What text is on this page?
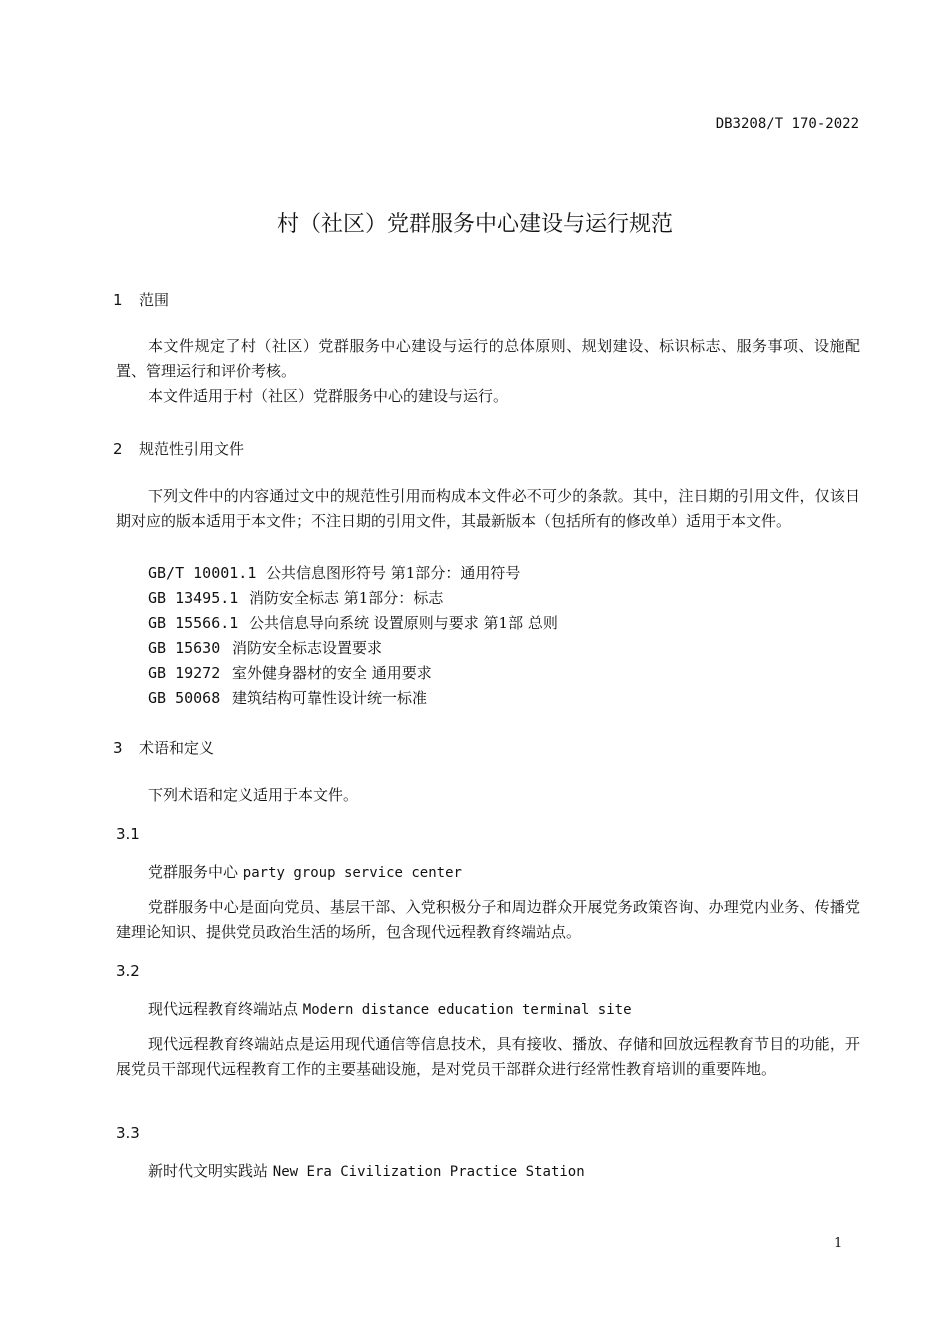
DB3208/T 170-2022
村（社区）党群服务中心建设与运行规范
1 范围
本文件规定了村（社区）党群服务中心建设与运行的总体原则、规划建设、标识标志、服务事项、设施配置、管理运行和评价考核。
本文件适用于村（社区）党群服务中心的建设与运行。
2 规范性引用文件
下列文件中的内容通过文中的规范性引用而构成本文件必不可少的条款。其中，注日期的引用文件，仅该日期对应的版本适用于本文件；不注日期的引用文件，其最新版本（包括所有的修改单）适用于本文件。
GB/T 10001.1 公共信息图形符号 第1部分：通用符号
GB 13495.1 消防安全标志 第1部分：标志
GB 15566.1 公共信息导向系统 设置原则与要求 第1部 总则
GB 15630 消防安全标志设置要求
GB 19272 室外健身器材的安全 通用要求
GB 50068 建筑结构可靠性设计统一标准
3 术语和定义
下列术语和定义适用于本文件。
3.1
党群服务中心 party group service center
党群服务中心是面向党员、基层干部、入党积极分子和周边群众开展党务政策咨询、办理党内业务、传播党建理论知识、提供党员政治生活的场所，包含现代远程教育终端站点。
3.2
现代远程教育终端站点 Modern distance education terminal site
现代远程教育终端站点是运用现代通信等信息技术，具有接收、播放、存储和回放远程教育节目的功能，开展党员干部现代远程教育工作的主要基础设施，是对党员干部群众进行经常性教育培训的重要阵地。
3.3
新时代文明实践站 New Era Civilization Practice Station
1
